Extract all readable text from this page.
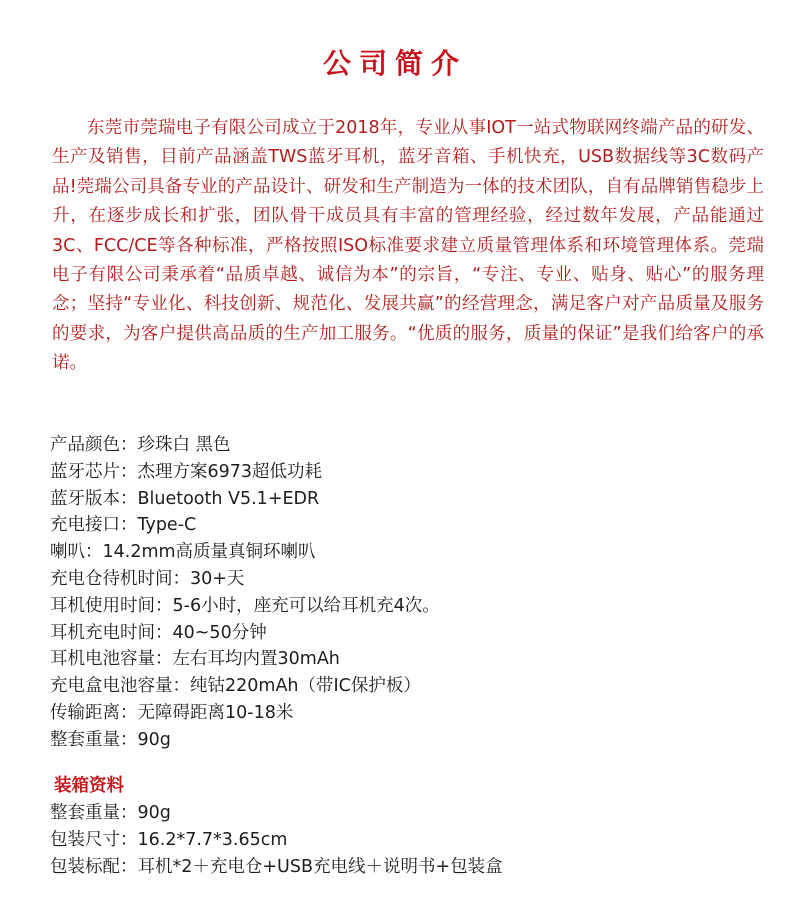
公司简介

东莞市莞瑞电子有限公司成立于2018年，专业从事IOT一站式物联网终端产品的研发、生产及销售，目前产品涵盖TWS蓝牙耳机，蓝牙音箱、手机快充，USB数据线等3C数码产品!莞瑞公司具备专业的产品设计、研发和生产制造为一体的技术团队，自有品牌销售稳步上升，在逐步成长和扩张，团队骨干成员具有丰富的管理经验，经过数年发展，产品能通过3C、FCC/CE等各种标准，严格按照ISO标准要求建立质量管理体系和环境管理体系。莞瑞电子有限公司秉承着“品质卓越、诚信为本”的宗旨，“专注、专业、贴身、贴心”的服务理念；坚持“专业化、科技创新、规范化、发展共赢”的经营理念，满足客户对产品质量及服务的要求，为客户提供高品质的生产加工服务。“优质的服务，质量的保证”是我们给客户的承诺。

产品颜色：珍珠白 黑色
蓝牙芯片：杰理方案6973超低功耗
蓝牙版本：Bluetooth V5.1+EDR
充电接口：Type-C
喇叭：14.2mm高质量真铜环喇叭
充电仓待机时间：30+天
耳机使用时间：5-6小时，座充可以给耳机充4次。
耳机充电时间：40~50分钟
耳机电池容量：左右耳均内置30mAh
充电盒电池容量：纯钴220mAh（带IC保护板）
传输距离：无障碍距离10-18米
整套重量：90g
装箱资料
整套重量：90g
包装尺寸：16.2*7.7*3.65cm
包装标配：耳机*2＋充电仓+USB充电线＋说明书+包装盒
